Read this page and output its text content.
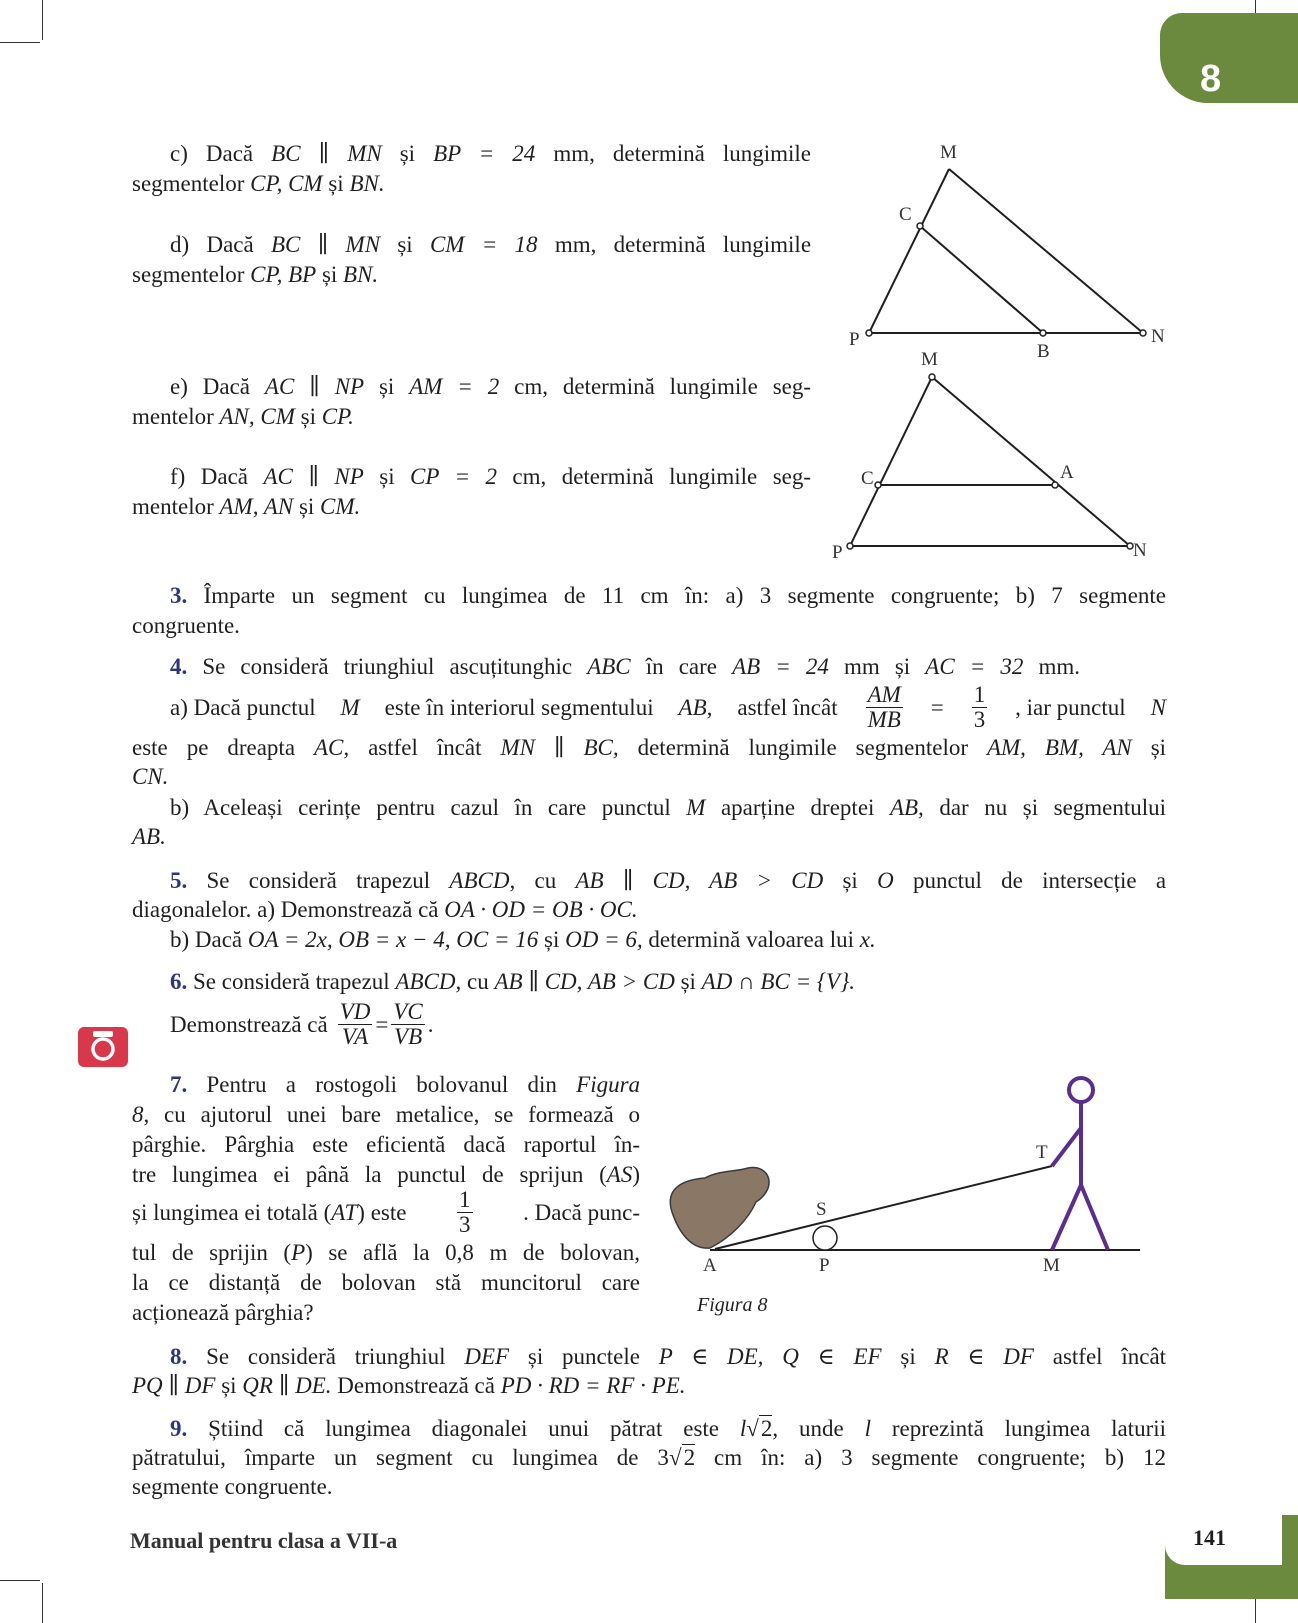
8

c) Dacă BC ∥ MN și BP = 24 mm, determină lungimile

segmentelor CP, CM și BN.

d) Dacă BC ∥ MN și CM = 18 mm, determină lungimile

segmentelor CP, BP și BN.

M
C
P
B
N

e) Dacă AC ∥ NP și AM = 2 cm, determină lungimile seg-

mentelor AN, CM și CP.

f) Dacă AC ∥ NP și CP = 2 cm, determină lungimile seg-

mentelor AM, AN și CM.

M
C	A
P	N

3. Împarte un segment cu lungimea de 11 cm în: a) 3 segmente congruente; b) 7 segmente

congruente.

4. Se consideră triunghiul ascuțitunghic ABC în care AB = 24 mm și AC = 32 mm.

a) Dacă punctul M este în interiorul segmentului AB, astfel încât $\frac{AM}{MB} = \frac{1}{3}$ , iar punctul N

este pe dreapta AC, astfel încât MN ∥ BC, determină lungimile segmentelor AM, BM, AN și

CN.

b) Aceleași cerințe pentru cazul în care punctul M aparține dreptei AB, dar nu și segmentului

AB.

5. Se consideră trapezul ABCD, cu AB ∥ CD, AB > CD și O punctul de intersecție a

diagonalelor. a) Demonstrează că OA · OD = OB · OC.

b) Dacă OA = 2x, OB = x − 4, OC = 16 și OD = 6, determină valoarea lui x.

6. Se consideră trapezul ABCD, cu AB ∥ CD, AB > CD și AD ∩ BC = {V}.

Demonstrează că $\frac{VD}{VA} = \frac{VC}{VB}$ .

7. Pentru a rostogoli bolovanul din Figura

8, cu ajutorul unei bare metalice, se formează o

pârghie. Pârghia este eficientă dacă raportul în-

tre lungimea ei până la punctul de sprijun (AS)

și lungimea ei totală (AT) este 1
3 . Dacă punc-

tul de sprijin (P) se află la 0,8 m de bolovan,

la ce distanță de bolovan stă muncitorul care

acționează pârghia?

A
S
P
T
M
Figura 8

8. Se consideră triunghiul DEF și punctele P ∈ DE, Q ∈ EF și R ∈ DF astfel încât

PQ ∥ DF și QR ∥ DE. Demonstrează că PD · RD = RF · PE.

9. Știind că lungimea diagonalei unui pătrat este l√2, unde l reprezintă lungimea laturii

pătratului, împarte un segment cu lungimea de 3√2 cm în: a) 3 segmente congruente; b) 12

segmente congruente.

Manual pentru clasa a VII-a	141
